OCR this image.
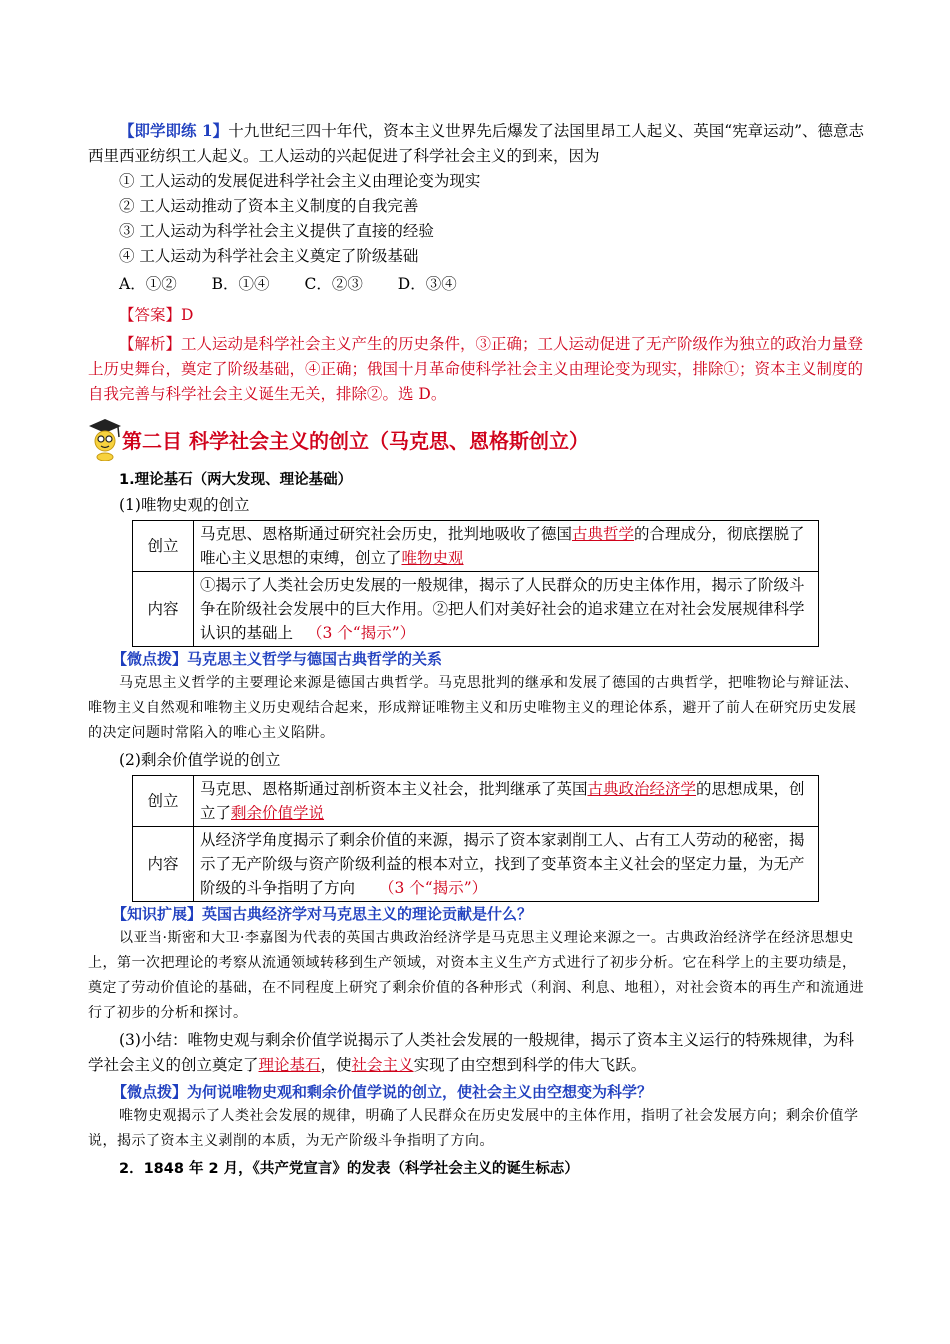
【即学即练 1】十九世纪三四十年代，资本主义世界先后爆发了法国里昂工人起义、英国“宪章运动”、德意志西里西亚纺织工人起义。工人运动的兴起促进了科学社会主义的到来，因为

① 工人运动的发展促进科学社会主义由理论变为现实
② 工人运动推动了资本主义制度的自我完善
③ 工人运动为科学社会主义提供了直接的经验
④ 工人运动为科学社会主义奠定了阶级基础
A．①② B．①④ C．②③ D．③④

【答案】D

【解析】工人运动是科学社会主义产生的历史条件，③正确；工人运动促进了无产阶级作为独立的政治力量登上历史舞台，奠定了阶级基础，④正确；俄国十月革命使科学社会主义由理论变为现实，排除①；资本主义制度的自我完善与科学社会主义诞生无关，排除②。选 D。

第二目 科学社会主义的创立（马克思、恩格斯创立）
1.理论基石（两大发现、理论基础）
(1)唯物史观的创立
创立	马克思、恩格斯通过研究社会历史，批判地吸收了德国古典哲学的合理成分，彻底摆脱了唯心主义思想的束缚，创立了唯物史观
内容	①揭示了人类社会历史发展的一般规律，揭示了人民群众的历史主体作用，揭示了阶级斗争在阶级社会发展中的巨大作用。②把人们对美好社会的追求建立在对社会发展规律科学认识的基础上 （3 个“揭示”）
【微点拨】马克思主义哲学与德国古典哲学的关系

马克思主义哲学的主要理论来源是德国古典哲学。马克思批判的继承和发展了德国的古典哲学，把唯物论与辩证法、唯物主义自然观和唯物主义历史观结合起来，形成辩证唯物主义和历史唯物主义的理论体系，避开了前人在研究历史发展的决定问题时常陷入的唯心主义陷阱。

(2)剩余价值学说的创立
创立	马克思、恩格斯通过剖析资本主义社会，批判继承了英国古典政治经济学的思想成果，创立了剩余价值学说
内容	从经济学角度揭示了剩余价值的来源，揭示了资本家剥削工人、占有工人劳动的秘密，揭示了无产阶级与资产阶级利益的根本对立，找到了变革资本主义社会的坚定力量，为无产阶级的斗争指明了方向 （3 个“揭示”）
【知识扩展】英国古典经济学对马克思主义的理论贡献是什么？

以亚当·斯密和大卫·李嘉图为代表的英国古典政治经济学是马克思主义理论来源之一。古典政治经济学在经济思想史上，第一次把理论的考察从流通领域转移到生产领域，对资本主义生产方式进行了初步分析。它在科学上的主要功绩是，奠定了劳动价值论的基础，在不同程度上研究了剩余价值的各种形式（利润、利息、地租），对社会资本的再生产和流通进行了初步的分析和探讨。

(3)小结：唯物史观与剩余价值学说揭示了人类社会发展的一般规律，揭示了资本主义运行的特殊规律，为科学社会主义的创立奠定了理论基石，使社会主义实现了由空想到科学的伟大飞跃。

【微点拨】为何说唯物史观和剩余价值学说的创立，使社会主义由空想变为科学？

唯物史观揭示了人类社会发展的规律，明确了人民群众在历史发展中的主体作用，指明了社会发展方向；剩余价值学说，揭示了资本主义剥削的本质，为无产阶级斗争指明了方向。

2．1848 年 2 月，《共产党宣言》的发表（科学社会主义的诞生标志）
